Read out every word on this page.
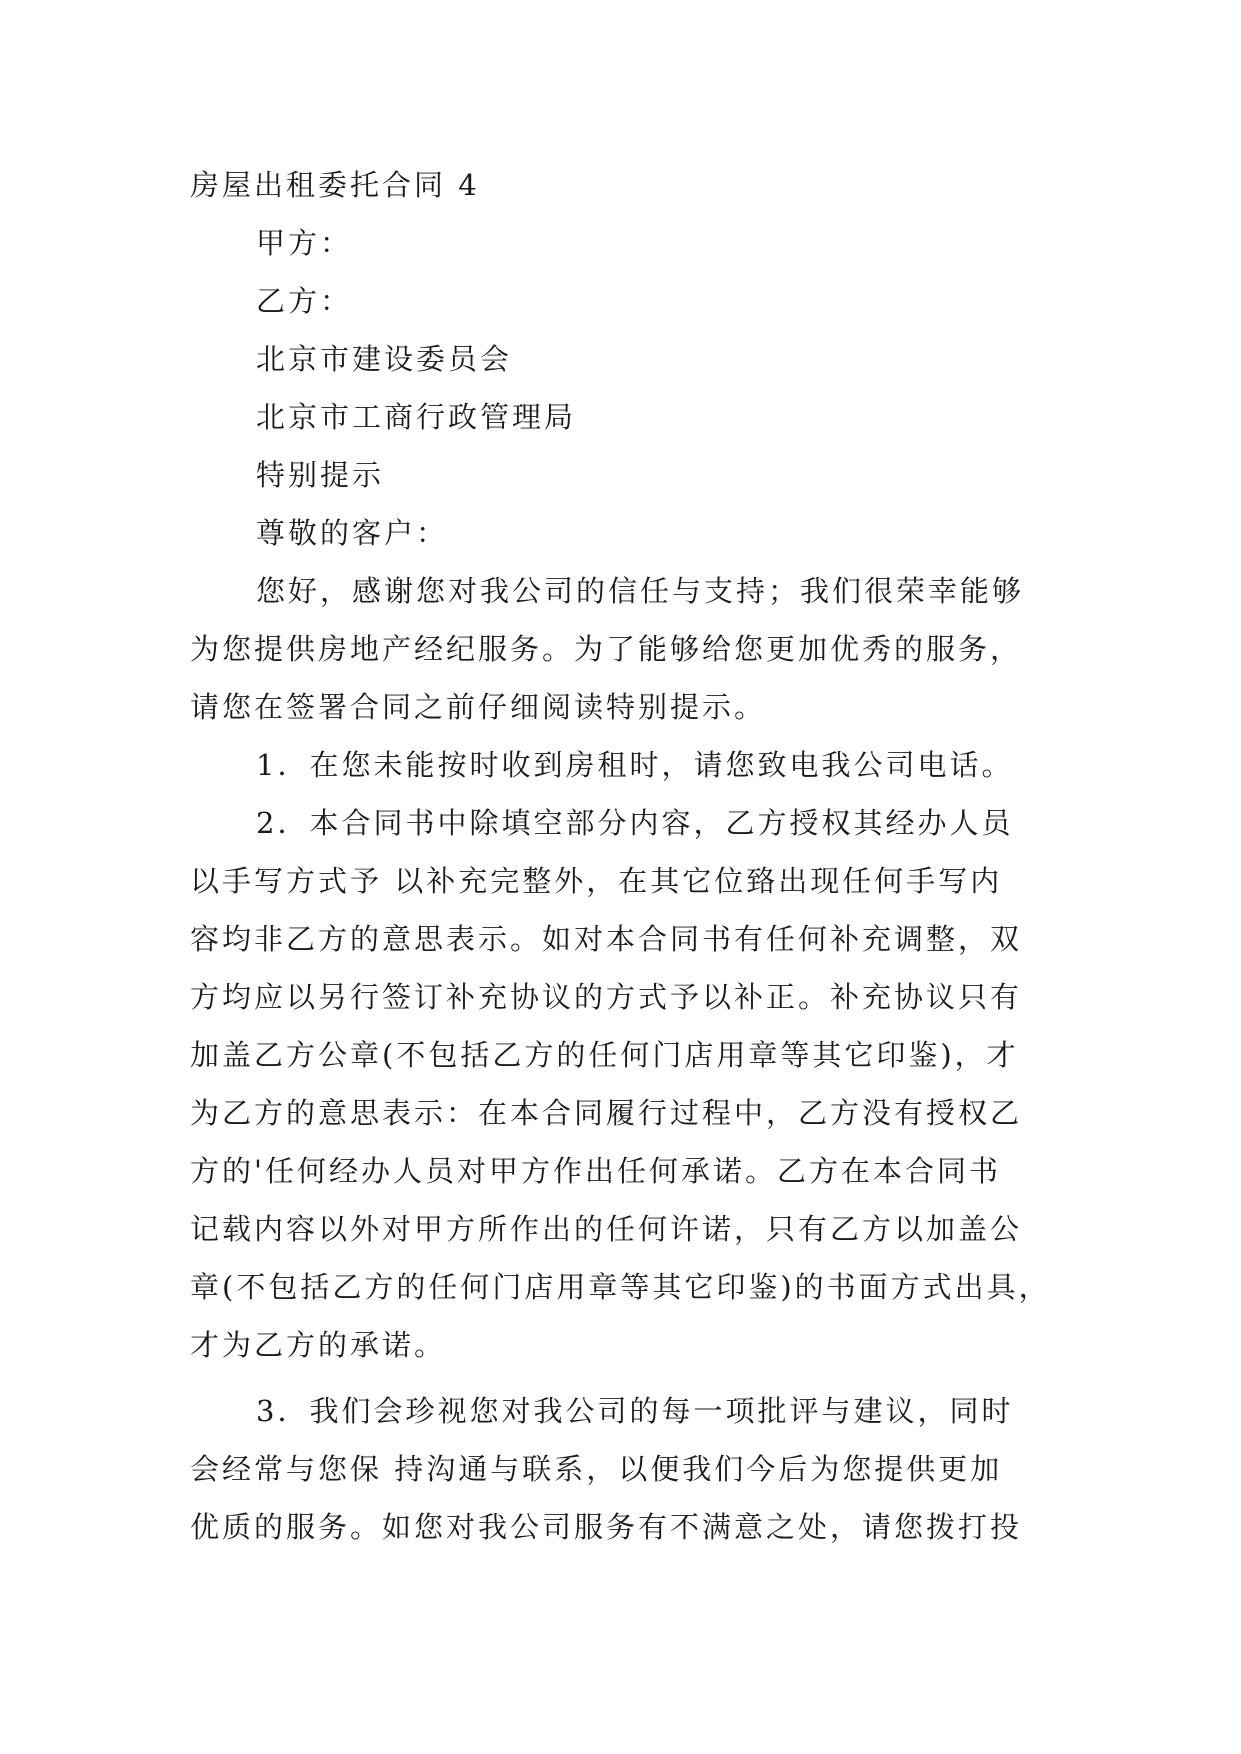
房屋出租委托合同 4
甲方：
乙方：
北京市建设委员会
北京市工商行政管理局
特别提示
尊敬的客户：
您好，感谢您对我公司的信任与支持；我们很荣幸能够
为您提供房地产经纪服务。为了能够给您更加优秀的服务，
请您在签署合同之前仔细阅读特别提示。
1．在您未能按时收到房租时，请您致电我公司电话。
2．本合同书中除填空部分内容，乙方授权其经办人员
以手写方式予 以补充完整外，在其它位臵出现任何手写内
容均非乙方的意思表示。如对本合同书有任何补充调整，双
方均应以另行签订补充协议的方式予以补正。补充协议只有
加盖乙方公章(不包括乙方的任何门店用章等其它印鉴)，才
为乙方的意思表示：在本合同履行过程中，乙方没有授权乙
方的'任何经办人员对甲方作出任何承诺。乙方在本合同书
记载内容以外对甲方所作出的任何许诺，只有乙方以加盖公
章(不包括乙方的任何门店用章等其它印鉴)的书面方式出具，
才为乙方的承诺。
3．我们会珍视您对我公司的每一项批评与建议，同时
会经常与您保 持沟通与联系，以便我们今后为您提供更加
优质的服务。如您对我公司服务有不满意之处，请您拨打投
